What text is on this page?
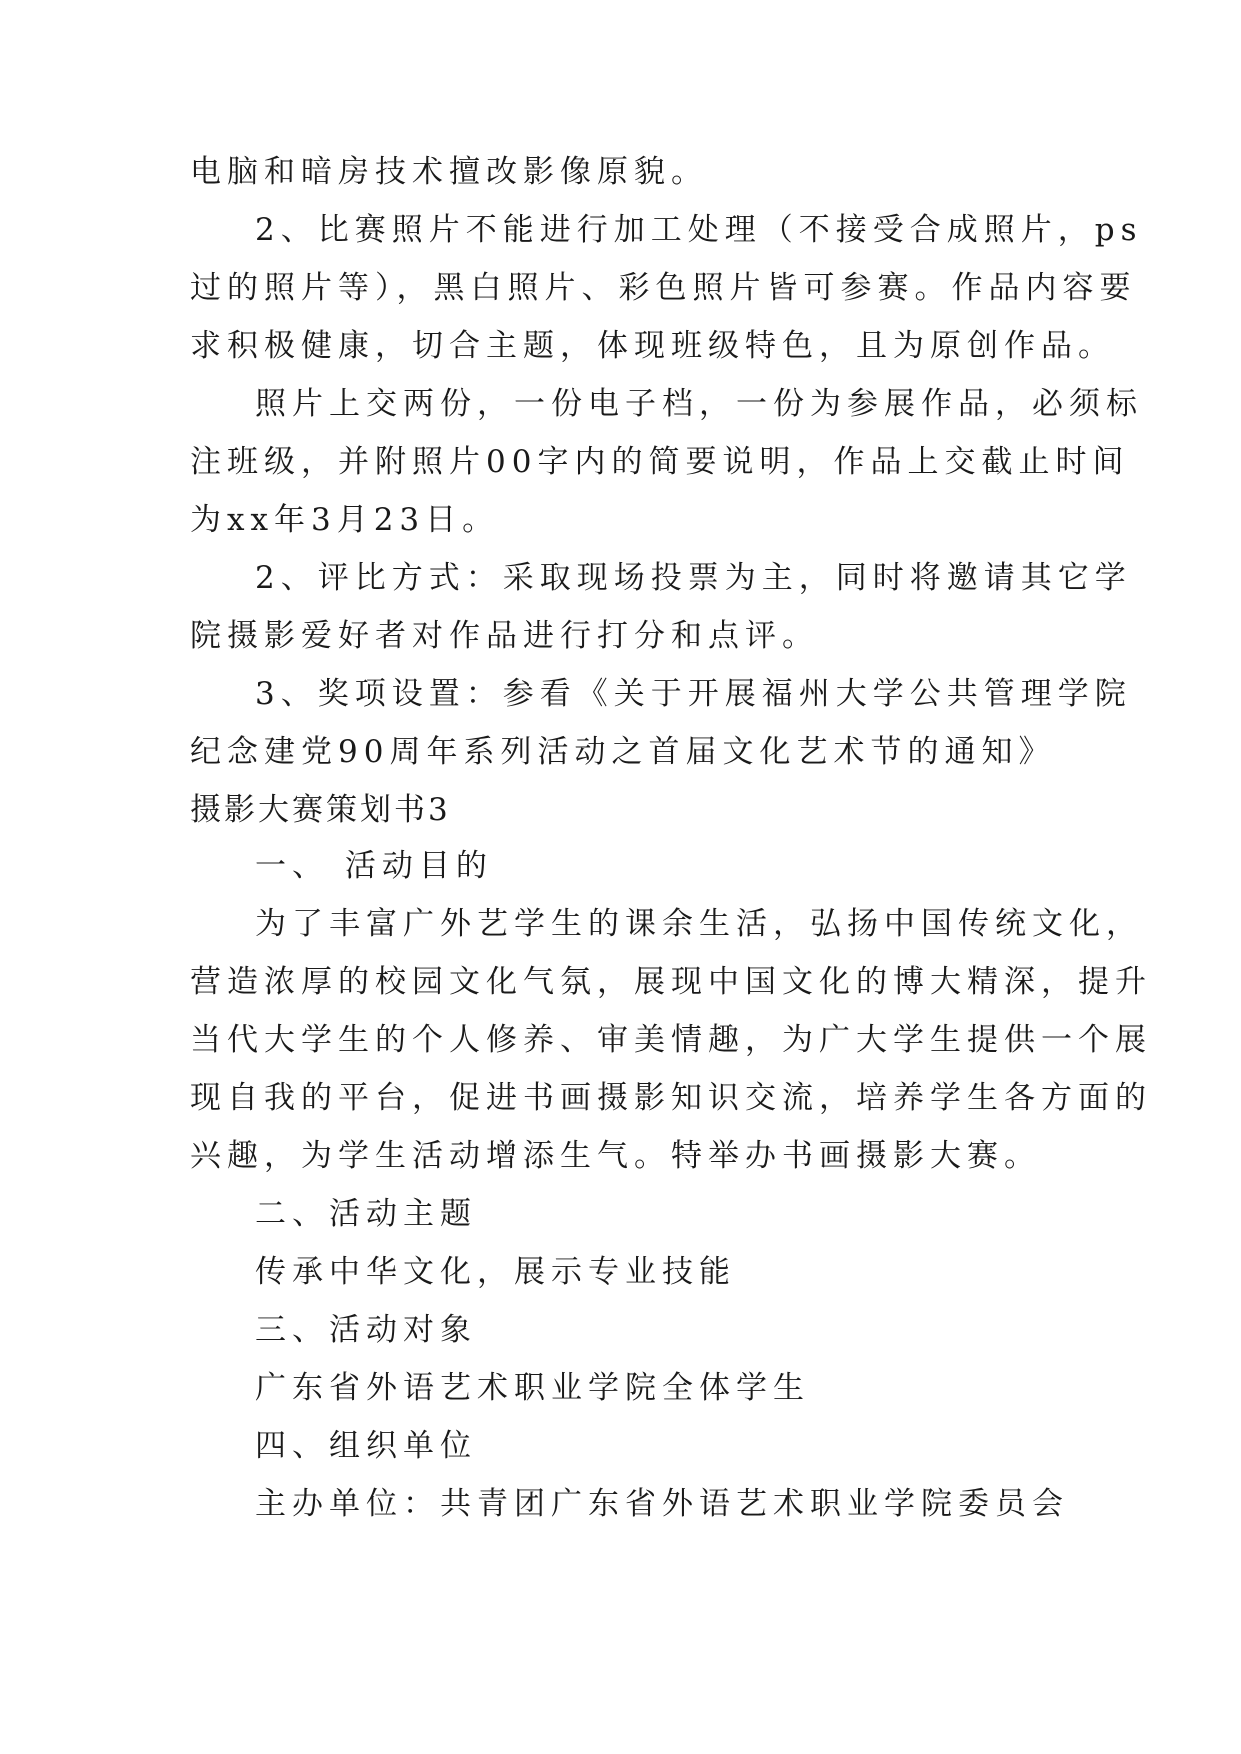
电脑和暗房技术擅改影像原貌。
2、比赛照片不能进行加工处理（不接受合成照片，ps
过的照片等），黑白照片、彩色照片皆可参赛。作品内容要
求积极健康，切合主题，体现班级特色，且为原创作品。
照片上交两份，一份电子档，一份为参展作品，必须标
注班级，并附照片00字内的简要说明，作品上交截止时间
为xx年3月23日。
2、评比方式：采取现场投票为主，同时将邀请其它学
院摄影爱好者对作品进行打分和点评。
3、奖项设置：参看《关于开展福州大学公共管理学院
纪念建党90周年系列活动之首届文化艺术节的通知》
摄影大赛策划书3
一、 活动目的
为了丰富广外艺学生的课余生活，弘扬中国传统文化，
营造浓厚的校园文化气氛，展现中国文化的博大精深，提升
当代大学生的个人修养、审美情趣，为广大学生提供一个展
现自我的平台，促进书画摄影知识交流，培养学生各方面的
兴趣，为学生活动增添生气。特举办书画摄影大赛。
二、活动主题
传承中华文化，展示专业技能
三、活动对象
广东省外语艺术职业学院全体学生
四、组织单位
主办单位：共青团广东省外语艺术职业学院委员会
